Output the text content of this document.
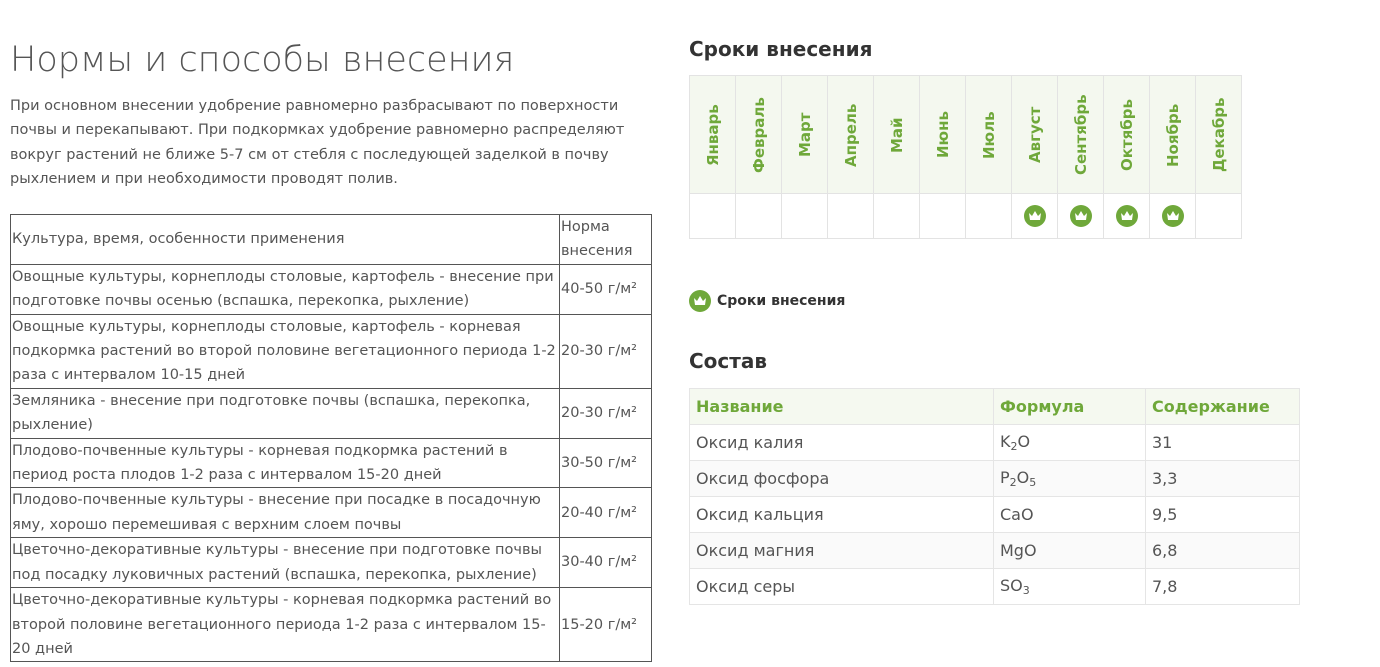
Нормы и способы внесения

При основном внесении удобрение равномерно разбрасывают по поверхности почвы и перекапывают. При подкормках удобрение равномерно распределяют вокруг растений не ближе 5-7 см от стебля с последующей заделкой в почву рыхлением и при необходимости проводят полив.

Культура, время, особенности применения	Норма внесения
Овощные культуры, корнеплоды столовые, картофель - внесение при подготовке почвы осенью (вспашка, перекопка, рыхление)	40-50 г/м²
Овощные культуры, корнеплоды столовые, картофель - корневая подкормка растений во второй половине вегетационного периода 1-2 раза с интервалом 10-15 дней	20-30 г/м²
Земляника - внесение при подготовке почвы (вспашка, перекопка, рыхление)	20-30 г/м²
Плодово-почвенные культуры - корневая подкормка растений в период роста плодов 1-2 раза с интервалом 15-20 дней	30-50 г/м²
Плодово-почвенные культуры - внесение при посадке в посадочную яму, хорошо перемешивая с верхним слоем почвы	20-40 г/м²
Цветочно-декоративные культуры - внесение при подготовке почвы под посадку луковичных растений (вспашка, перекопка, рыхление)	30-40 г/м²
Цветочно-декоративные культуры - корневая подкормка растений во второй половине вегетационного периода 1-2 раза с интервалом 15-20 дней	15-20 г/м²
Сроки внесения
Январь	Февраль	Март	Апрель	Май	Июнь	Июль	Август	Сентябрь	Октябрь	Ноябрь	Декабрь

Сроки внесения
Состав
Название	Формула	Содержание
Оксид калия	$K_2O$	31
Оксид фосфора	$P_2O_5$	3,3
Оксид кальция	CaO	9,5
Оксид магния	MgO	6,8
Оксид серы	$SO_3$	7,8
